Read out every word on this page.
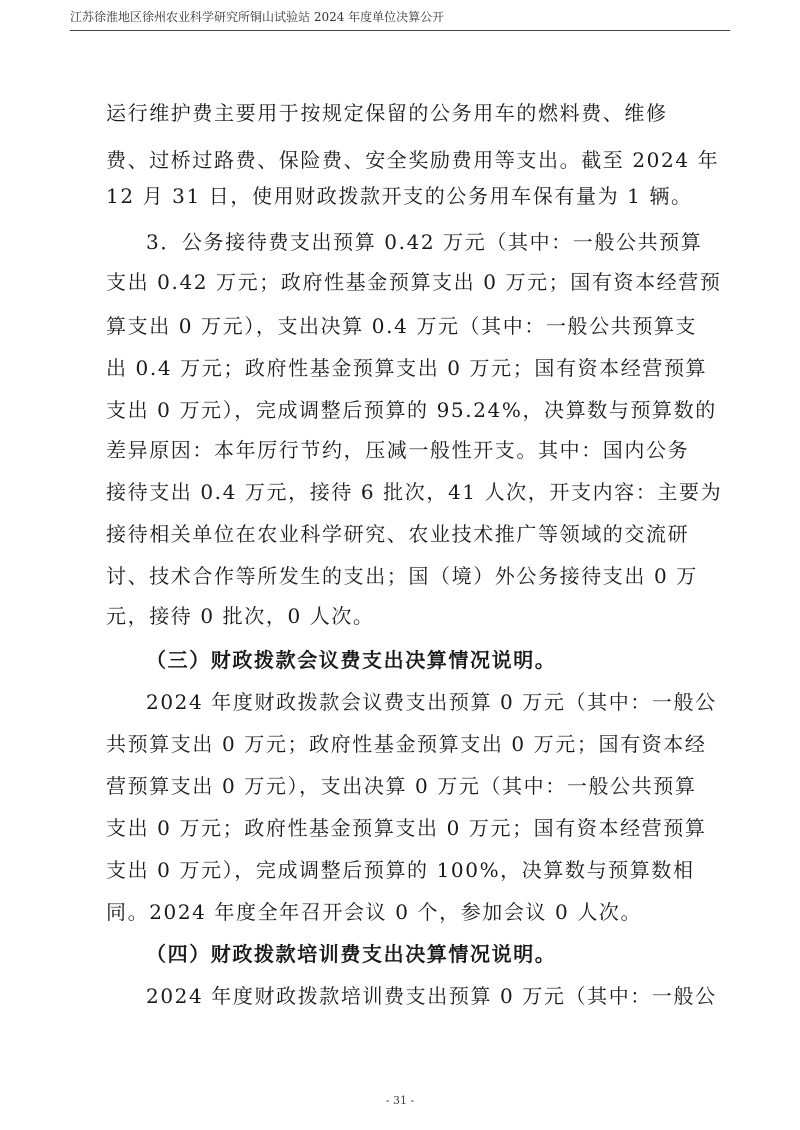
江苏徐淮地区徐州农业科学研究所铜山试验站 2024 年度单位决算公开
运行维护费主要用于按规定保留的公务用车的燃料费、维修
费、过桥过路费、保险费、安全奖励费用等支出。截至 2024 年
12 月 31 日，使用财政拨款开支的公务用车保有量为 1 辆。
3．公务接待费支出预算 0.42 万元（其中：一般公共预算
支出 0.42 万元；政府性基金预算支出 0 万元；国有资本经营预
算支出 0 万元），支出决算 0.4 万元（其中：一般公共预算支
出 0.4 万元；政府性基金预算支出 0 万元；国有资本经营预算
支出 0 万元），完成调整后预算的 95.24%，决算数与预算数的
差异原因：本年厉行节约，压减一般性开支。其中：国内公务
接待支出 0.4 万元，接待 6 批次，41 人次，开支内容：主要为
接待相关单位在农业科学研究、农业技术推广等领域的交流研
讨、技术合作等所发生的支出；国（境）外公务接待支出 0 万
元，接待 0 批次，0 人次。
（三）财政拨款会议费支出决算情况说明。
2024 年度财政拨款会议费支出预算 0 万元（其中：一般公
共预算支出 0 万元；政府性基金预算支出 0 万元；国有资本经
营预算支出 0 万元），支出决算 0 万元（其中：一般公共预算
支出 0 万元；政府性基金预算支出 0 万元；国有资本经营预算
支出 0 万元），完成调整后预算的 100%，决算数与预算数相
同。2024 年度全年召开会议 0 个，参加会议 0 人次。
（四）财政拨款培训费支出决算情况说明。
2024 年度财政拨款培训费支出预算 0 万元（其中：一般公
- 31 -
